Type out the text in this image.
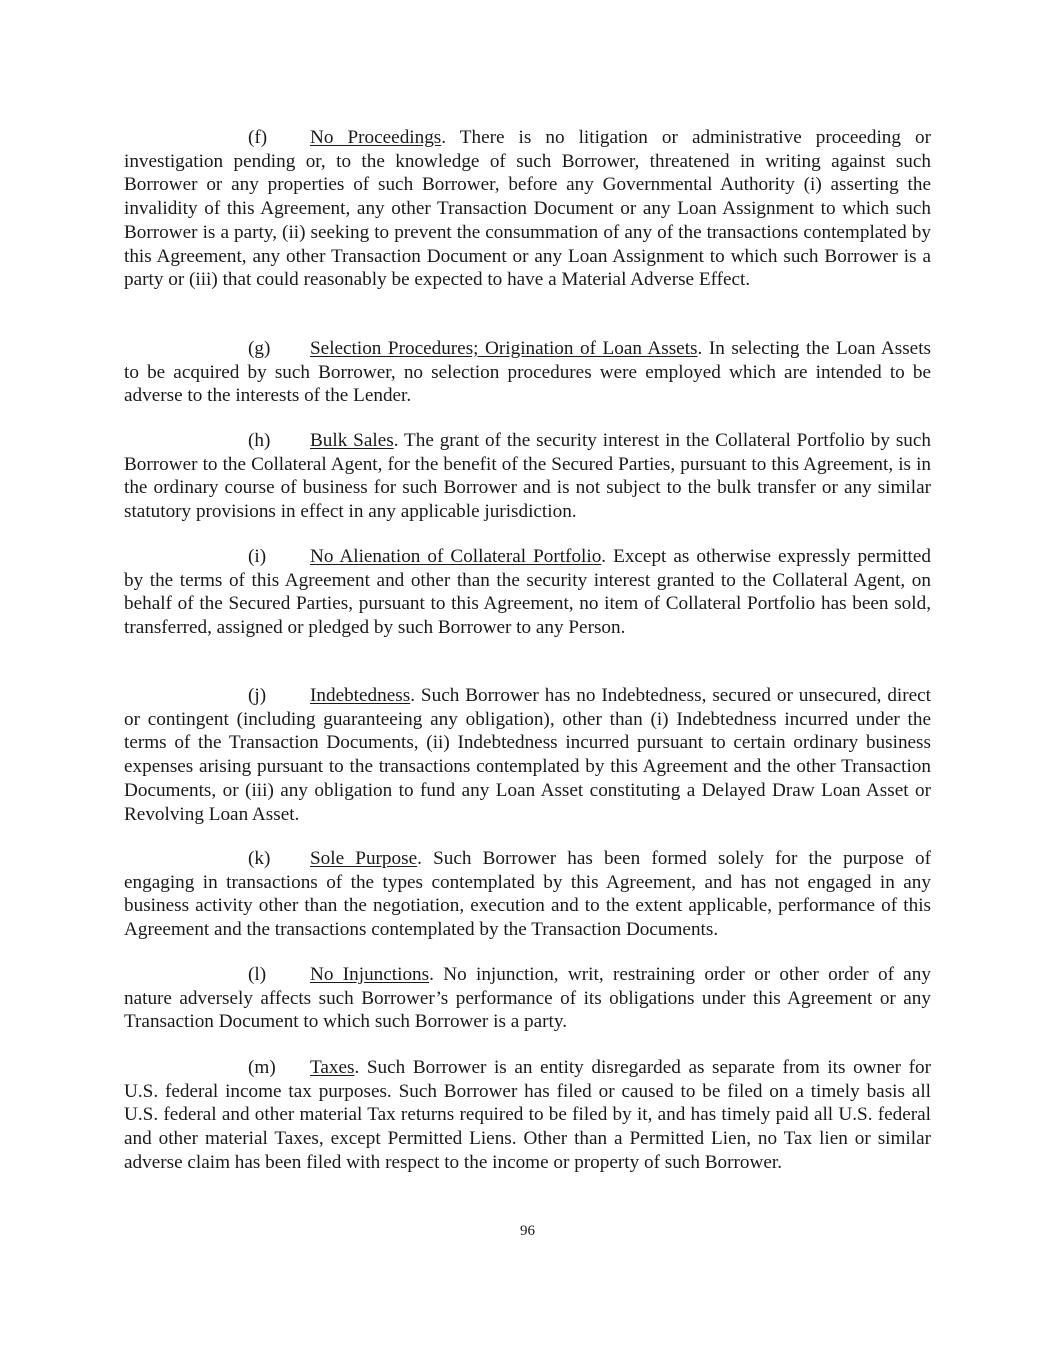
(f) No Proceedings. There is no litigation or administrative proceeding or investigation pending or, to the knowledge of such Borrower, threatened in writing against such Borrower or any properties of such Borrower, before any Governmental Authority (i) asserting the invalidity of this Agreement, any other Transaction Document or any Loan Assignment to which such Borrower is a party, (ii) seeking to prevent the consummation of any of the transactions contemplated by this Agreement, any other Transaction Document or any Loan Assignment to which such Borrower is a party or (iii) that could reasonably be expected to have a Material Adverse Effect.

(g) Selection Procedures; Origination of Loan Assets. In selecting the Loan Assets to be acquired by such Borrower, no selection procedures were employed which are intended to be adverse to the interests of the Lender.

(h) Bulk Sales. The grant of the security interest in the Collateral Portfolio by such Borrower to the Collateral Agent, for the benefit of the Secured Parties, pursuant to this Agreement, is in the ordinary course of business for such Borrower and is not subject to the bulk transfer or any similar statutory provisions in effect in any applicable jurisdiction.

(i) No Alienation of Collateral Portfolio. Except as otherwise expressly permitted by the terms of this Agreement and other than the security interest granted to the Collateral Agent, on behalf of the Secured Parties, pursuant to this Agreement, no item of Collateral Portfolio has been sold, transferred, assigned or pledged by such Borrower to any Person.

(j) Indebtedness. Such Borrower has no Indebtedness, secured or unsecured, direct or contingent (including guaranteeing any obligation), other than (i) Indebtedness incurred under the terms of the Transaction Documents, (ii) Indebtedness incurred pursuant to certain ordinary business expenses arising pursuant to the transactions contemplated by this Agreement and the other Transaction Documents, or (iii) any obligation to fund any Loan Asset constituting a Delayed Draw Loan Asset or Revolving Loan Asset.

(k) Sole Purpose. Such Borrower has been formed solely for the purpose of engaging in transactions of the types contemplated by this Agreement, and has not engaged in any business activity other than the negotiation, execution and to the extent applicable, performance of this Agreement and the transactions contemplated by the Transaction Documents.

(l) No Injunctions. No injunction, writ, restraining order or other order of any nature adversely affects such Borrower’s performance of its obligations under this Agreement or any Transaction Document to which such Borrower is a party.

(m) Taxes. Such Borrower is an entity disregarded as separate from its owner for U.S. federal income tax purposes. Such Borrower has filed or caused to be filed on a timely basis all U.S. federal and other material Tax returns required to be filed by it, and has timely paid all U.S. federal and other material Taxes, except Permitted Liens. Other than a Permitted Lien, no Tax lien or similar adverse claim has been filed with respect to the income or property of such Borrower.

96
